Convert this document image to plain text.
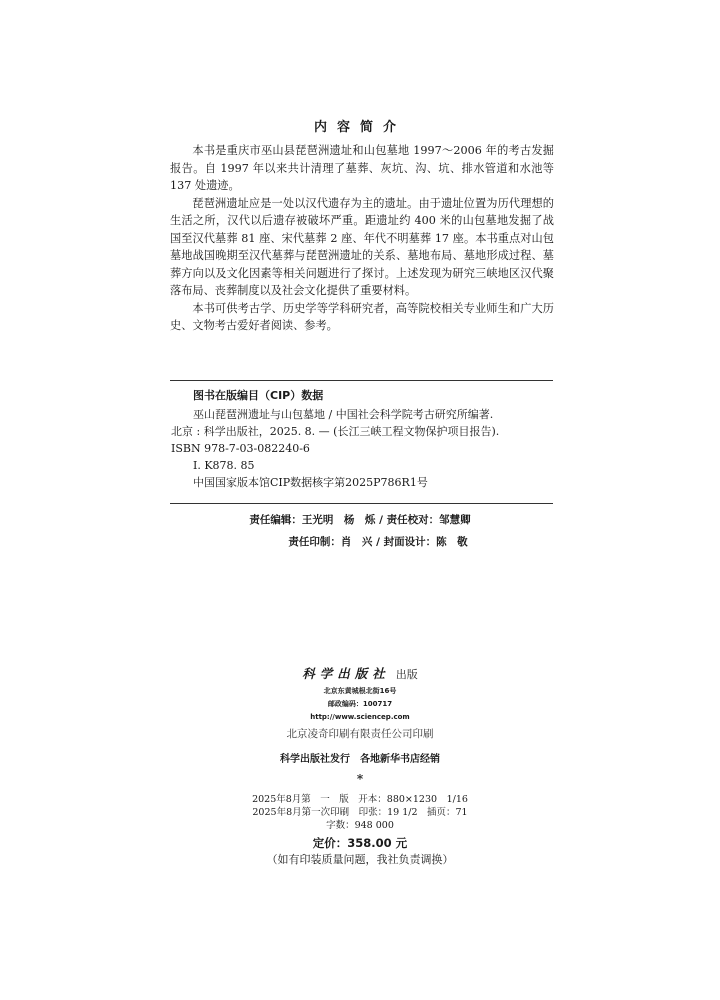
内容简介

本书是重庆市巫山县琵琶洲遗址和山包墓地 1997～2006 年的考古发掘报告。自 1997 年以来共计清理了墓葬、灰坑、沟、坑、排水管道和水池等 137 处遗迹。

琵琶洲遗址应是一处以汉代遗存为主的遗址。由于遗址位置为历代理想的生活之所，汉代以后遗存被破坏严重。距遗址约 400 米的山包墓地发掘了战国至汉代墓葬 81 座、宋代墓葬 2 座、年代不明墓葬 17 座。本书重点对山包墓地战国晚期至汉代墓葬与琵琶洲遗址的关系、墓地布局、墓地形成过程、墓葬方向以及文化因素等相关问题进行了探讨。上述发现为研究三峡地区汉代聚落布局、丧葬制度以及社会文化提供了重要材料。

本书可供考古学、历史学等学科研究者，高等院校相关专业师生和广大历史、文物考古爱好者阅读、参考。

图书在版编目（CIP）数据
巫山琵琶洲遗址与山包墓地 / 中国社会科学院考古研究所编著.
北京 : 科学出版社，2025. 8. — (长江三峡工程文物保护项目报告).
ISBN 978-7-03-082240-6
Ⅰ. K878. 85
中国国家版本馆CIP数据核字第2025P786R1号
责任编辑：王光明　杨　烁 / 责任校对：邹慧卿
责任印制：肖　兴 / 封面设计：陈　敬
科学出版社 出版
北京东黄城根北街16号
邮政编码：100717
http://www.sciencep.com
北京凌奇印刷有限责任公司印刷
科学出版社发行　各地新华书店经销
*
2025年8月第　一　版　开本：880×1230　1/16
2025年8月第一次印刷　印张：19 1/2　插页：71
字数：948 000
定价：358.00 元
（如有印装质量问题，我社负责调换）
